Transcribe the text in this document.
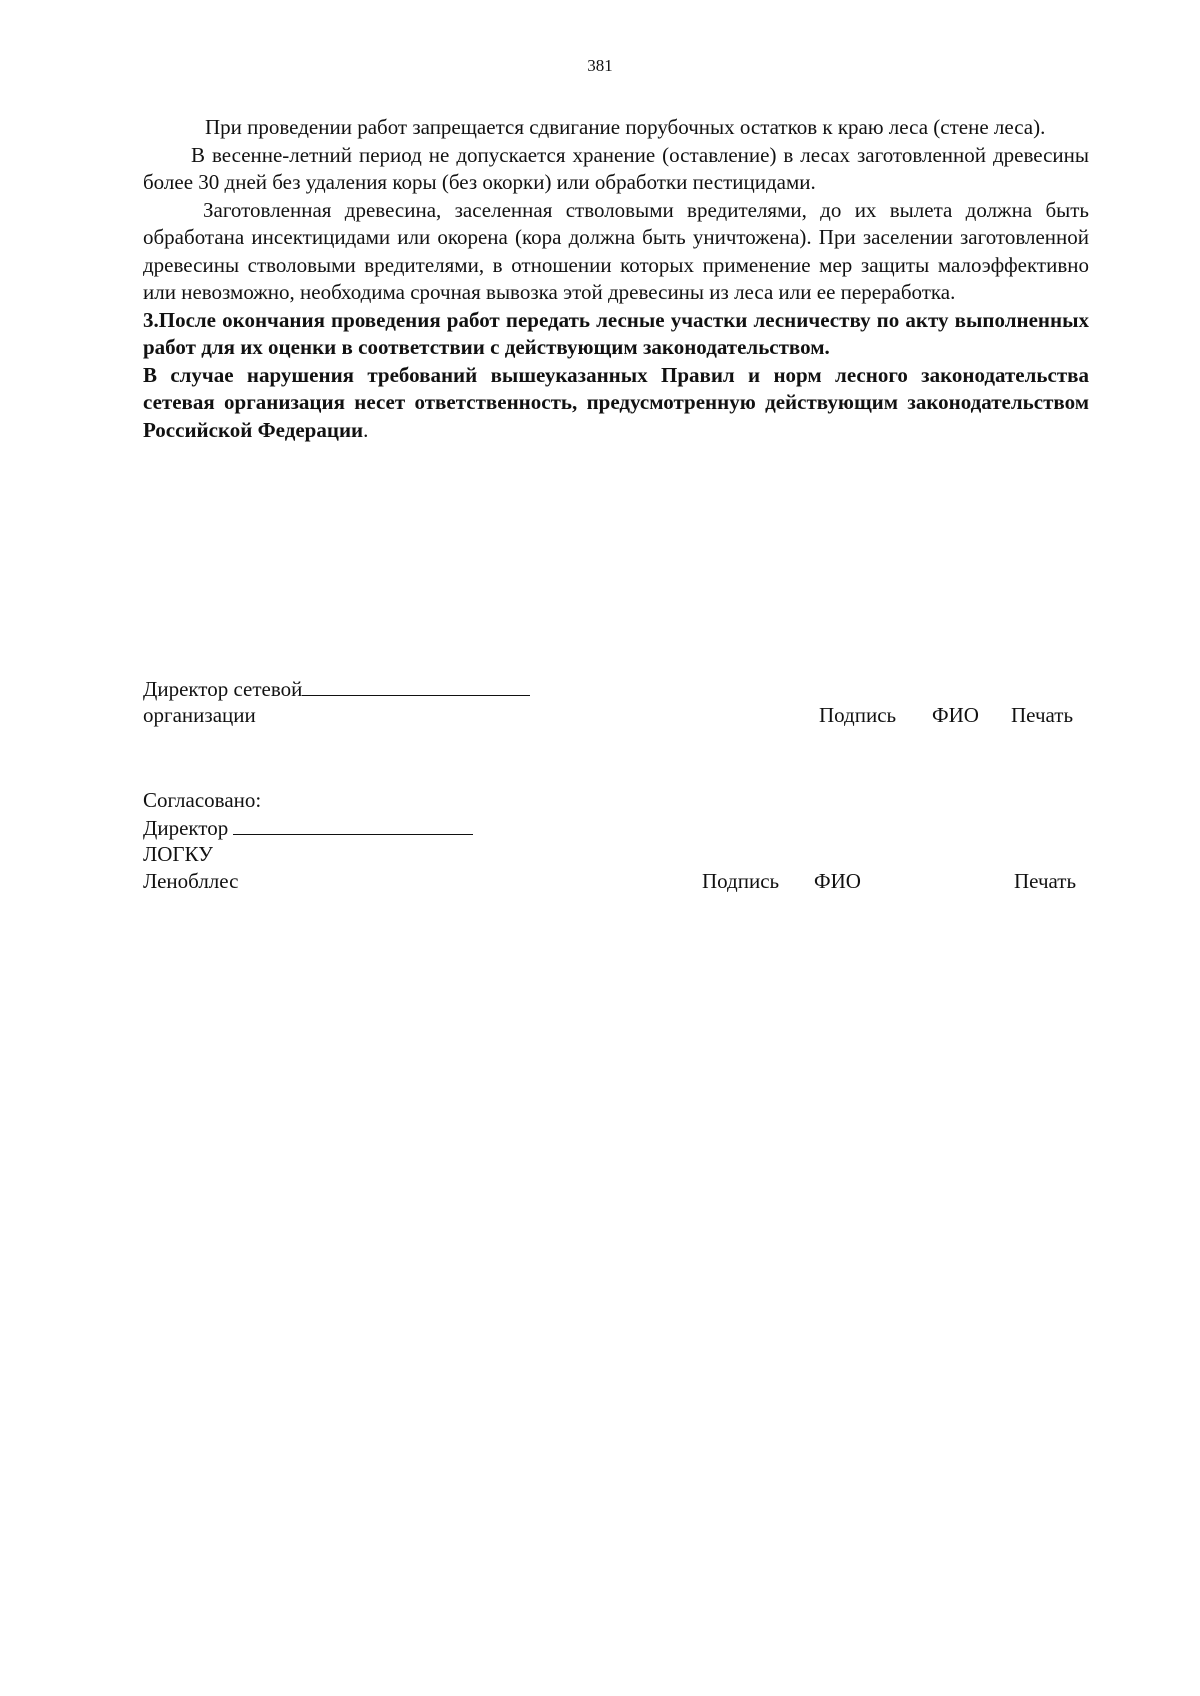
381

При проведении работ запрещается сдвигание порубочных остатков к краю леса (стене леса).

В весенне-летний период не допускается хранение (оставление) в лесах заготовленной древесины более 30 дней без удаления коры (без окорки) или обработки пестицидами.

Заготовленная древесина, заселенная стволовыми вредителями, до их вылета должна быть обработана инсектицидами или окорена (кора должна быть уничтожена). При заселении заготовленной древесины стволовыми вредителями, в отношении которых применение мер защиты малоэффективно или невозможно, необходима срочная вывозка этой древесины из леса или ее переработка.

3.После окончания проведения работ передать лесные участки лесничеству по акту выполненных работ для их оценки в соответствии с действующим законодательством.

В случае нарушения требований вышеуказанных Правил и норм лесного законодательства сетевая организация несет ответственность, предусмотренную действующим законодательством Российской Федерации.

Директор сетевой
организации	Подпись ФИО Печать
Согласовано:
Директор
ЛОГКУ
Ленобллес	Подпись ФИО	Печать
